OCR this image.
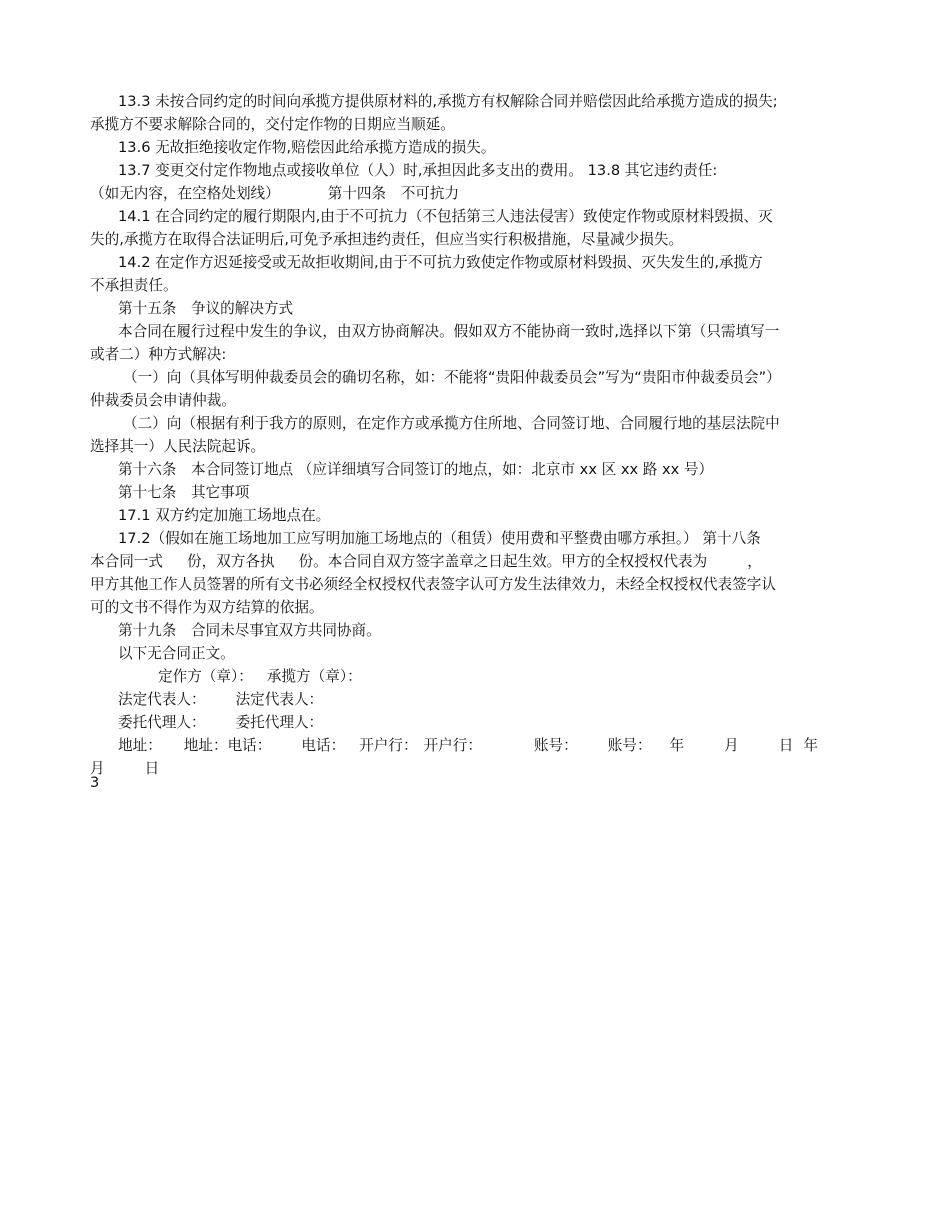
13.3 未按合同约定的时间向承揽方提供原材料的,承揽方有权解除合同并赔偿因此给承揽方造成的损失;
承揽方不要求解除合同的，交付定作物的日期应当顺延。
13.6 无故拒绝接收定作物,赔偿因此给承揽方造成的损失。
13.7 变更交付定作物地点或接收单位（人）时,承担因此多支出的费用。 13.8 其它违约责任:
（如无内容，在空格处划线）	第十四条　不可抗力
14.1 在合同约定的履行期限内,由于不可抗力（不包括第三人违法侵害）致使定作物或原材料毁损、灭
失的,承揽方在取得合法证明后,可免予承担违约责任，但应当实行积极措施，尽量减少损失。
14.2 在定作方迟延接受或无故拒收期间,由于不可抗力致使定作物或原材料毁损、灭失发生的,承揽方
不承担责任。
第十五条　争议的解决方式
本合同在履行过程中发生的争议，由双方协商解决。假如双方不能协商一致时,选择以下第（只需填写一
或者二）种方式解决:
（一）向（具体写明仲裁委员会的确切名称，如：不能将“贵阳仲裁委员会”写为“贵阳市仲裁委员会”）
仲裁委员会申请仲裁。
（二）向（根据有利于我方的原则，在定作方或承揽方住所地、合同签订地、合同履行地的基层法院中
选择其一）人民法院起诉。
第十六条　本合同签订地点 （应详细填写合同签订的地点，如：北京市 xx 区 xx 路 xx 号）
第十七条　其它事项
17.1 双方约定加施工场地点在。
17.2（假如在施工场地加工应写明加施工场地点的（租赁）使用费和平整费由哪方承担。） 第十八条
本合同一式 份，双方各执 份。本合同自双方签字盖章之日起生效。甲方的全权授权代表为	，
甲方其他工作人员签署的所有文书必须经全权授权代表签字认可方发生法律效力，未经全权授权代表签字认
可的文书不得作为双方结算的依据。
第十九条　合同未尽事宜双方共同协商。
以下无合同正文。
定作方（章）： 承揽方（章）：
法定代表人： 法定代表人：
委托代理人： 委托代理人：
地址： 地址：电话： 电话： 开户行： 开户行：	账号： 账号： 年	月	日 年
月	日
3
